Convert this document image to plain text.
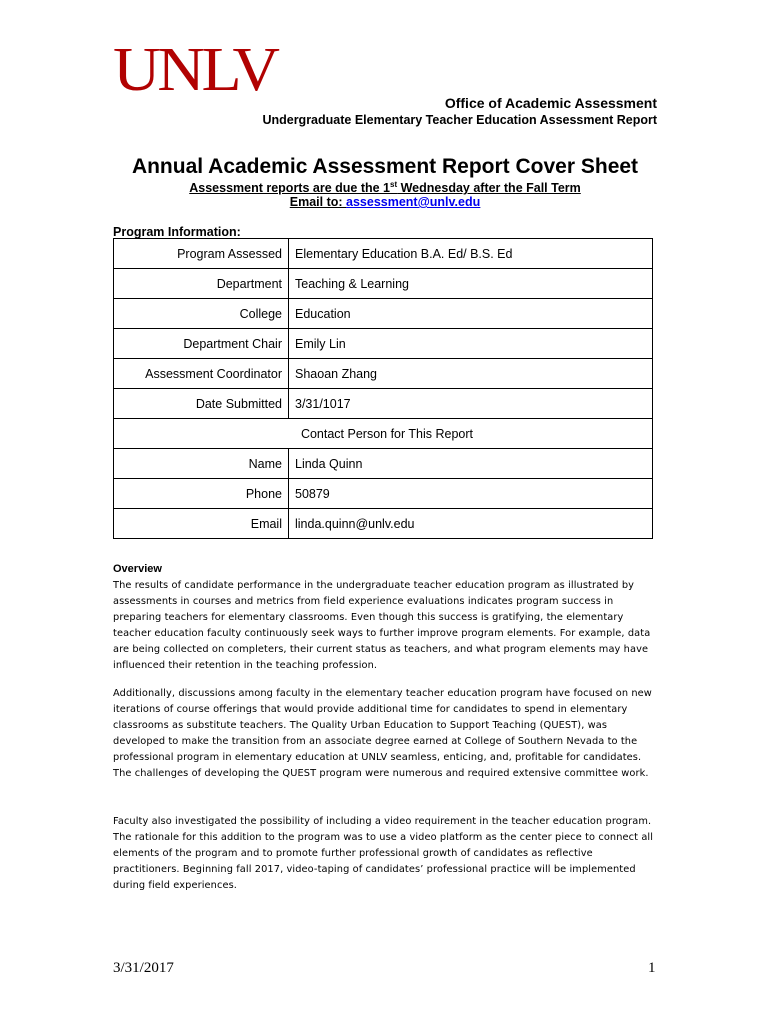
UNLV	Office of Academic Assessment
Undergraduate Elementary Teacher Education Assessment Report
Annual Academic Assessment Report Cover Sheet
Assessment reports are due the 1st Wednesday after the Fall Term
Email to: assessment@unlv.edu
Program Information:
Program Assessed	Elementary Education B.A. Ed/ B.S. Ed
Department	Teaching & Learning
College	Education
Department Chair	Emily Lin
Assessment Coordinator	Shaoan Zhang
Date Submitted	3/31/1017
Contact Person for This Report	
Name	Linda Quinn
Phone	50879
Email	linda.quinn@unlv.edu
Overview

The results of candidate performance in the undergraduate teacher education program as illustrated by assessments in courses and metrics from field experience evaluations indicates program success in preparing teachers for elementary classrooms. Even though this success is gratifying, the elementary teacher education faculty continuously seek ways to further improve program elements. For example, data are being collected on completers, their current status as teachers, and what program elements may have influenced their retention in the teaching profession.

Additionally, discussions among faculty in the elementary teacher education program have focused on new iterations of course offerings that would provide additional time for candidates to spend in elementary classrooms as substitute teachers. The Quality Urban Education to Support Teaching (QUEST), was developed to make the transition from an associate degree earned at College of Southern Nevada to the professional program in elementary education at UNLV seamless, enticing, and, profitable for candidates. The challenges of developing the QUEST program were numerous and required extensive committee work.

Faculty also investigated the possibility of including a video requirement in the teacher education program. The rationale for this addition to the program was to use a video platform as the center piece to connect all elements of the program and to promote further professional growth of candidates as reflective practitioners. Beginning fall 2017, video-taping of candidates’ professional practice will be implemented during field experiences.

3/31/2017	1
